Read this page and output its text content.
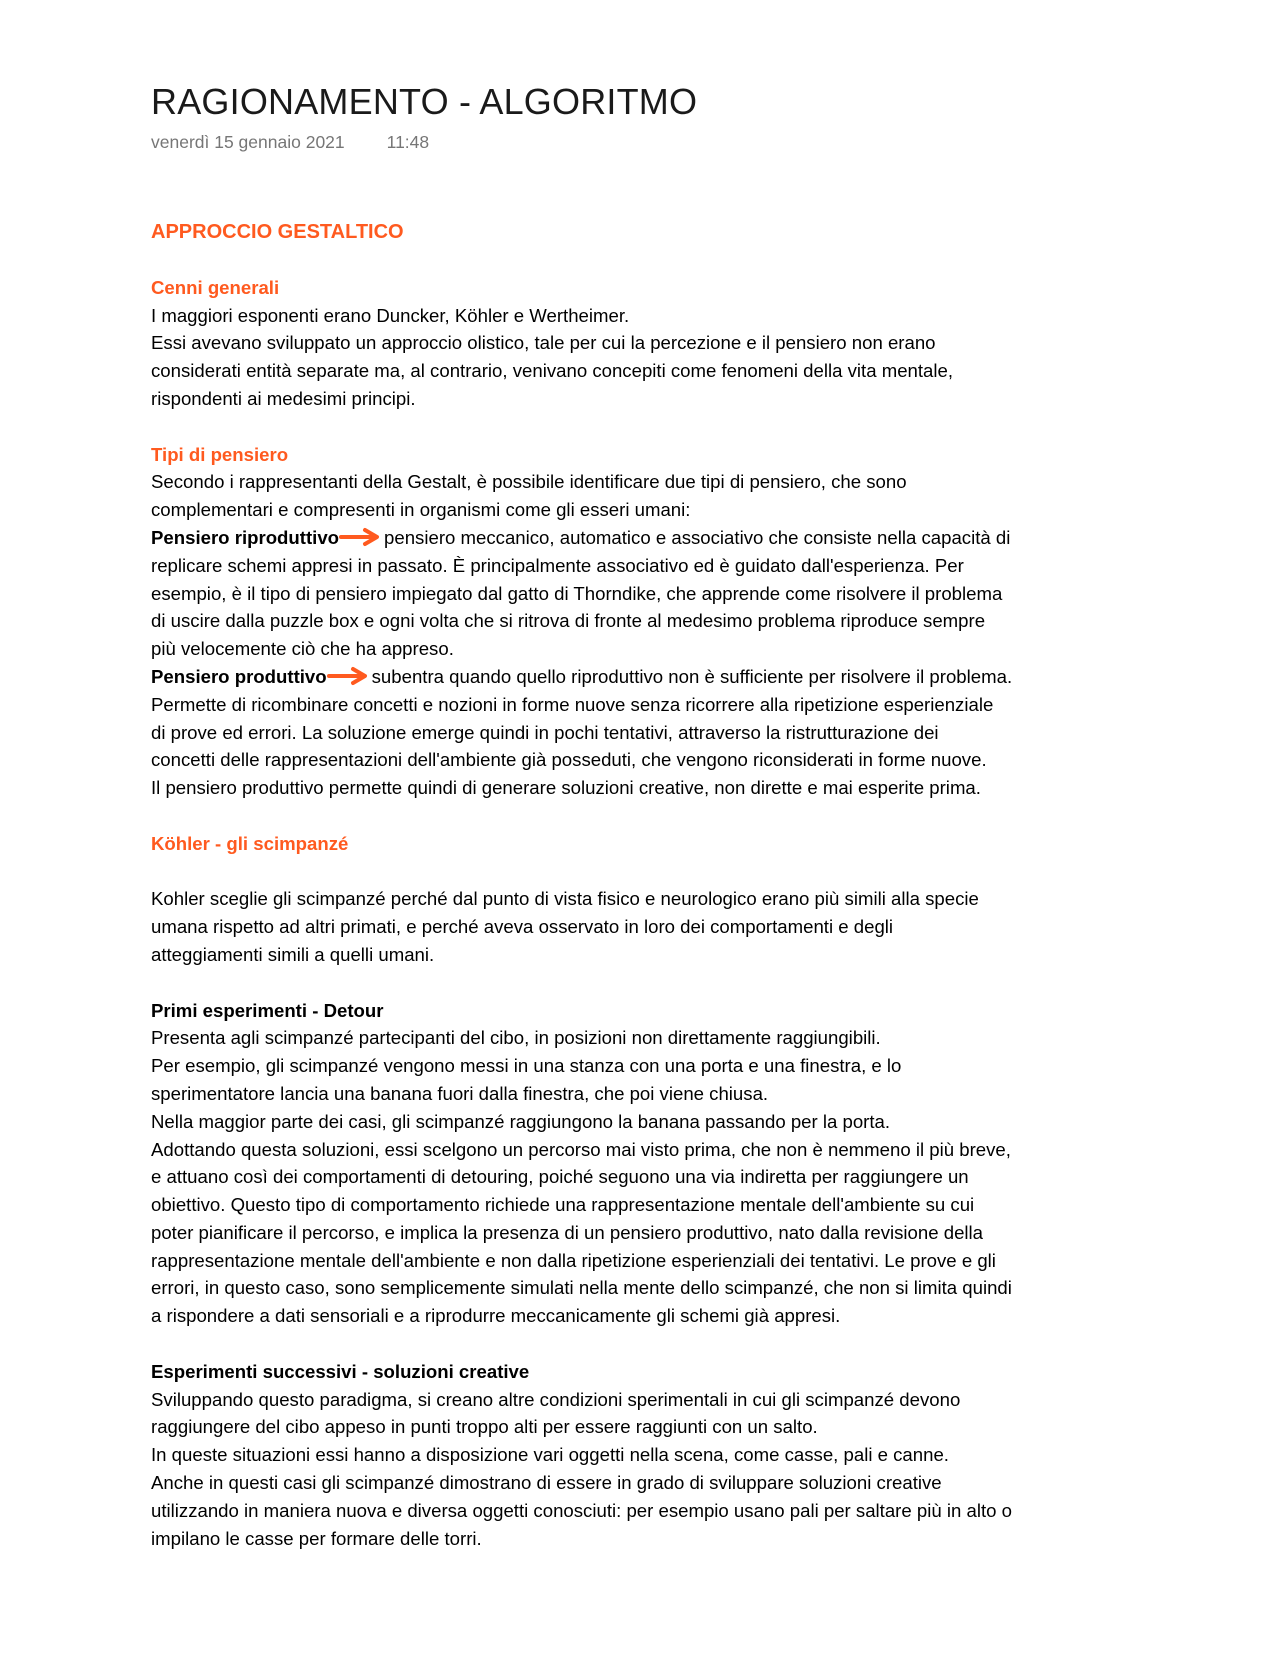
RAGIONAMENTO - ALGORITMO
venerdì 15 gennaio 2021 11:48
APPROCCIO GESTALTICO
Cenni generali

I maggiori esponenti erano Duncker, Köhler e Wertheimer.

Essi avevano sviluppato un approccio olistico, tale per cui la percezione e il pensiero non erano

considerati entità separate ma, al contrario, venivano concepiti come fenomeni della vita mentale,

rispondenti ai medesimi principi.

Tipi di pensiero

Secondo i rappresentanti della Gestalt, è possibile identificare due tipi di pensiero, che sono

complementari e compresenti in organismi come gli esseri umani:

Pensiero riproduttivo pensiero meccanico, automatico e associativo che consiste nella capacità di

replicare schemi appresi in passato. È principalmente associativo ed è guidato dall'esperienza. Per

esempio, è il tipo di pensiero impiegato dal gatto di Thorndike, che apprende come risolvere il problema

di uscire dalla puzzle box e ogni volta che si ritrova di fronte al medesimo problema riproduce sempre

più velocemente ciò che ha appreso.

Pensiero produttivo subentra quando quello riproduttivo non è sufficiente per risolvere il problema.

Permette di ricombinare concetti e nozioni in forme nuove senza ricorrere alla ripetizione esperienziale

di prove ed errori. La soluzione emerge quindi in pochi tentativi, attraverso la ristrutturazione dei

concetti delle rappresentazioni dell'ambiente già posseduti, che vengono riconsiderati in forme nuove.

Il pensiero produttivo permette quindi di generare soluzioni creative, non dirette e mai esperite prima.

Köhler - gli scimpanzé

Kohler sceglie gli scimpanzé perché dal punto di vista fisico e neurologico erano più simili alla specie

umana rispetto ad altri primati, e perché aveva osservato in loro dei comportamenti e degli

atteggiamenti simili a quelli umani.

Primi esperimenti - Detour

Presenta agli scimpanzé partecipanti del cibo, in posizioni non direttamente raggiungibili.

Per esempio, gli scimpanzé vengono messi in una stanza con una porta e una finestra, e lo

sperimentatore lancia una banana fuori dalla finestra, che poi viene chiusa.

Nella maggior parte dei casi, gli scimpanzé raggiungono la banana passando per la porta.

Adottando questa soluzioni, essi scelgono un percorso mai visto prima, che non è nemmeno il più breve,

e attuano così dei comportamenti di detouring, poiché seguono una via indiretta per raggiungere un

obiettivo. Questo tipo di comportamento richiede una rappresentazione mentale dell'ambiente su cui

poter pianificare il percorso, e implica la presenza di un pensiero produttivo, nato dalla revisione della

rappresentazione mentale dell'ambiente e non dalla ripetizione esperienziali dei tentativi. Le prove e gli

errori, in questo caso, sono semplicemente simulati nella mente dello scimpanzé, che non si limita quindi

a rispondere a dati sensoriali e a riprodurre meccanicamente gli schemi già appresi.

Esperimenti successivi - soluzioni creative

Sviluppando questo paradigma, si creano altre condizioni sperimentali in cui gli scimpanzé devono

raggiungere del cibo appeso in punti troppo alti per essere raggiunti con un salto.

In queste situazioni essi hanno a disposizione vari oggetti nella scena, come casse, pali e canne.

Anche in questi casi gli scimpanzé dimostrano di essere in grado di sviluppare soluzioni creative

utilizzando in maniera nuova e diversa oggetti conosciuti: per esempio usano pali per saltare più in alto o

impilano le casse per formare delle torri.
